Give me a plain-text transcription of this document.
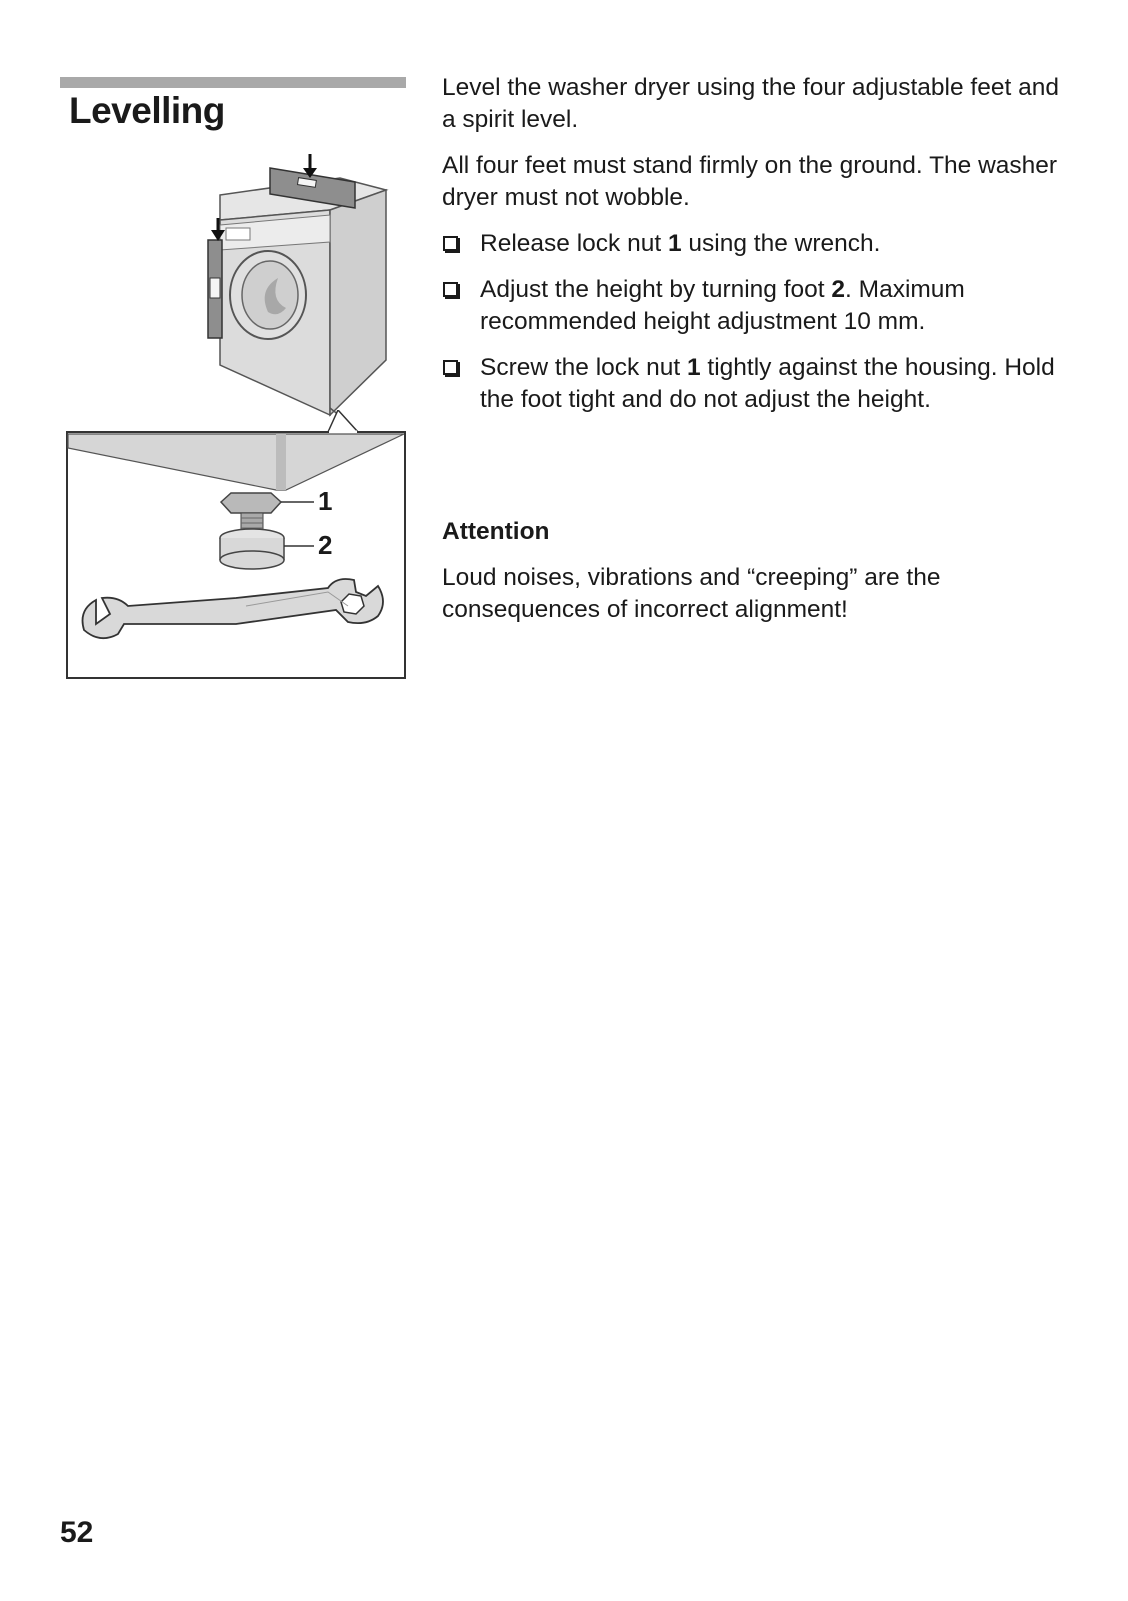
Levelling
1
2

Level the washer dryer using the four adjustable feet and a spirit level.

All four feet must stand firmly on the ground. The washer dryer must not wobble.

Release lock nut 1 using the wrench.
Adjust the height by turning foot 2. Maximum recommended height adjustment 10 mm.
Screw the lock nut 1 tightly against the housing. Hold the foot tight and do not adjust the height.

Attention

Loud noises, vibrations and “creeping” are the consequences of incorrect alignment!

52
